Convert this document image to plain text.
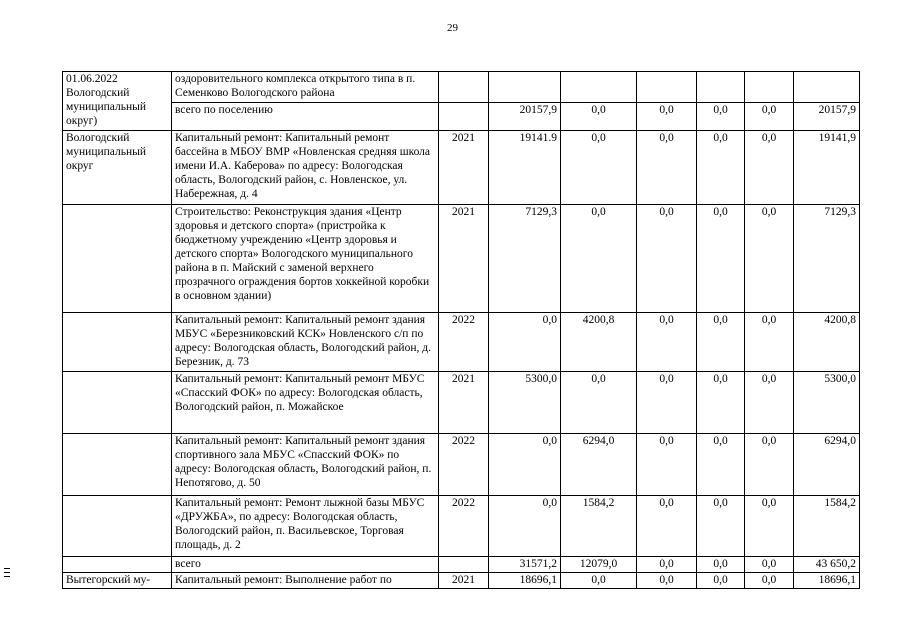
29
01.06.2022 Вологодский муниципальный округ)	оздоровительного комплекса открытого типа в п. Семенково Вологодского района							
	всего по поселению		20157,9	0,0	0,0	0,0	0,0	20157,9
Вологодский муниципальный округ	Капитальный ремонт: Капитальный ремонт бассейна в МБОУ ВМР «Новленская средняя школа имени И.А. Каберова» по адресу: Вологодская область, Вологодский район, с. Новленское, ул. Набережная, д. 4	2021	19141.9	0,0	0,0	0,0	0,0	19141,9
	Строительство: Реконструкция здания «Центр здоровья и детского спорта» (пристройка к бюджетному учреждению «Центр здоровья и детского спорта» Вологодского муниципального района в п. Майский с заменой верхнего прозрачного ограждения бортов хоккейной коробки в основном здании)	2021	7129,3	0,0	0,0	0,0	0,0	7129,3
	Капитальный ремонт: Капитальный ремонт здания МБУС «Березниковский КСК» Новленского с/п по адресу: Вологодская область, Вологодский район, д. Березник, д. 73	2022	0,0	4200,8	0,0	0,0	0,0	4200,8
	Капитальный ремонт: Капитальный ремонт МБУС «Спасский ФОК» по адресу: Вологодская область, Вологодский район, п. Можайское	2021	5300,0	0,0	0,0	0,0	0,0	5300,0
	Капитальный ремонт: Капитальный ремонт здания спортивного зала МБУС «Спасский ФОК» по адресу: Вологодская область, Вологодский район, п. Непотягово, д. 50	2022	0,0	6294,0	0,0	0,0	0,0	6294,0
	Капитальный ремонт: Ремонт лыжной базы МБУС «ДРУЖБА», по адресу: Вологодская область, Вологодский район, п. Васильевское, Торговая площадь, д. 2	2022	0,0	1584,2	0,0	0,0	0,0	1584,2
	всего		31571,2	12079,0	0,0	0,0	0,0	43 650,2
Вытегорский му-	Капитальный ремонт: Выполнение работ по	2021	18696,1	0,0	0,0	0,0	0,0	18696,1
